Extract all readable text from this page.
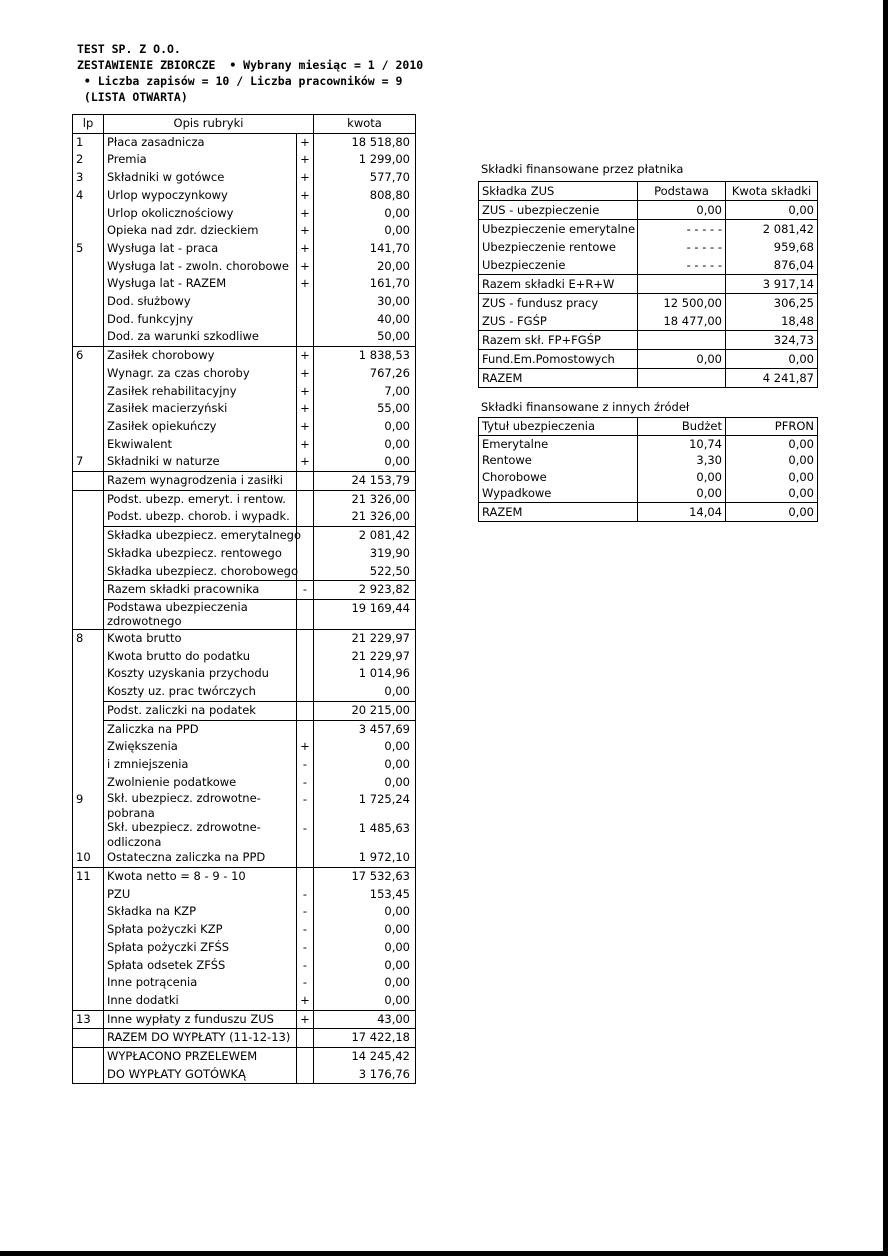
TEST SP. Z O.O.
ZESTAWIENIE ZBIORCZE  • Wybrany miesiąc = 1 / 2010
• Liczba zapisów = 10 / Liczba pracowników = 9
(LISTA OTWARTA)
lp	Opis rubryki		kwota
1	Płaca zasadnicza	+	18 518,80
2	Premia	+	1 299,00
3	Składniki w gotówce	+	577,70
4	Urlop wypoczynkowy	+	808,80
	Urlop okolicznościowy	+	0,00
	Opieka nad zdr. dzieckiem	+	0,00
5	Wysługa lat - praca	+	141,70
	Wysługa lat - zwoln. chorobowe	+	20,00
	Wysługa lat - RAZEM	+	161,70
	Dod. służbowy		30,00
	Dod. funkcyjny		40,00
	Dod. za warunki szkodliwe		50,00
6	Zasiłek chorobowy	+	1 838,53
	Wynagr. za czas choroby	+	767,26
	Zasiłek rehabilitacyjny	+	7,00
	Zasiłek macierzyński	+	55,00
	Zasiłek opiekuńczy	+	0,00
	Ekwiwalent	+	0,00
7	Składniki w naturze	+	0,00
	Razem wynagrodzenia i zasiłki		24 153,79
	Podst. ubezp. emeryt. i rentow.		21 326,00
	Podst. ubezp. chorob. i wypadk.		21 326,00
	Składka ubezpiecz. emerytalnego		2 081,42
	Składka ubezpiecz. rentowego		319,90
	Składka ubezpiecz. chorobowego		522,50
	Razem składki pracownika	-	2 923,82
	Podstawa ubezpieczenia zdrowotnego		19 169,44
8	Kwota brutto		21 229,97
	Kwota brutto do podatku		21 229,97
	Koszty uzyskania przychodu		1 014,96
	Koszty uz. prac twórczych		0,00
	Podst. zaliczki na podatek		20 215,00
	Zaliczka na PPD		3 457,69
	Zwiększenia	+	0,00
	i zmniejszenia	-	0,00
	Zwolnienie podatkowe	-	0,00
9	Skł. ubezpiecz. zdrowotne-pobrana	-	1 725,24
	Skł. ubezpiecz. zdrowotne-odliczona	-	1 485,63
10	Ostateczna zaliczka na PPD		1 972,10
11	Kwota netto = 8 - 9 - 10		17 532,63
	PZU	-	153,45
	Składka na KZP	-	0,00
	Spłata pożyczki KZP	-	0,00
	Spłata pożyczki ZFŚS	-	0,00
	Spłata odsetek ZFŚS	-	0,00
	Inne potrącenia	-	0,00
	Inne dodatki	+	0,00
13	Inne wypłaty z funduszu ZUS	+	43,00
	RAZEM DO WYPŁATY (11-12-13)		17 422,18
	WYPŁACONO PRZELEWEM		14 245,42
	DO WYPŁATY GOTÓWKĄ		3 176,76
Składki finansowane przez płatnika
Składka ZUS	Podstawa	Kwota składki
ZUS - ubezpieczenie	0,00	0,00
Ubezpieczenie emerytalne	- - - - -	2 081,42
Ubezpieczenie rentowe	- - - - -	959,68
Ubezpieczenie	- - - - -	876,04
Razem składki E+R+W		3 917,14
ZUS - fundusz pracy	12 500,00	306,25
ZUS - FGŚP	18 477,00	18,48
Razem skł. FP+FGŚP		324,73
Fund.Em.Pomostowych	0,00	0,00
RAZEM		4 241,87
Składki finansowane z innych źródeł
Tytuł ubezpieczenia	Budżet	PFRON
Emerytalne	10,74	0,00
Rentowe	3,30	0,00
Chorobowe	0,00	0,00
Wypadkowe	0,00	0,00
RAZEM	14,04	0,00
